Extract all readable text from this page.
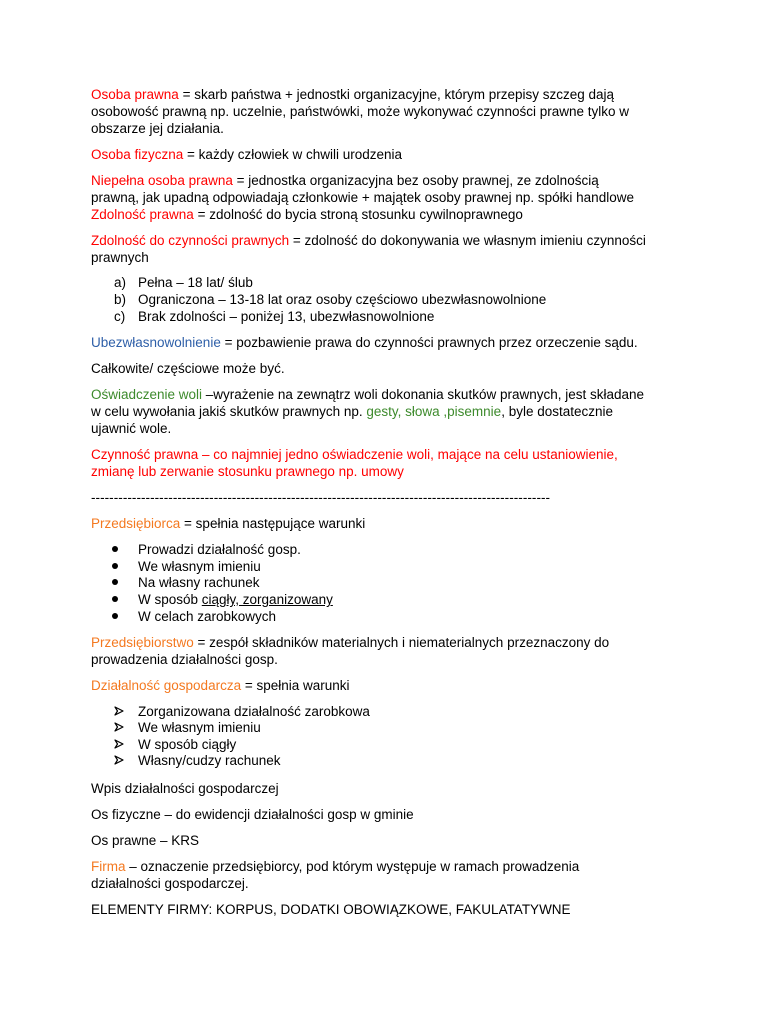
Osoba prawna = skarb państwa + jednostki organizacyjne, którym przepisy szczeg dają
osobowość prawną np. uczelnie, państwówki, może wykonywać czynności prawne tylko w
obszarze jej działania.
Osoba fizyczna = każdy człowiek w chwili urodzenia
Niepełna osoba prawna = jednostka organizacyjna bez osoby prawnej, ze zdolnością
prawną, jak upadną odpowiadają członkowie + majątek osoby prawnej np. spółki handlowe
Zdolność prawna = zdolność do bycia stroną stosunku cywilnoprawnego
Zdolność do czynności prawnych = zdolność do dokonywania we własnym imieniu czynności
prawnych
a) Pełna – 18 lat/ ślub
b) Ograniczona – 13-18 lat oraz osoby częściowo ubezwłasnowolnione
c) Brak zdolności – poniżej 13, ubezwłasnowolnione
Ubezwłasnowolnienie = pozbawienie prawa do czynności prawnych przez orzeczenie sądu.
Całkowite/ częściowe może być.
Oświadczenie woli –wyrażenie na zewnątrz woli dokonania skutków prawnych, jest składane
w celu wywołania jakiś skutków prawnych np. gesty, słowa ,pisemnie, byle dostatecznie
ujawnić wole.
Czynność prawna – co najmniej jedno oświadczenie woli, mające na celu ustaniowienie,
zmianę lub zerwanie stosunku prawnego np. umowy
-----------------------------------------------------------------------------------------------------
Przedsiębiorca = spełnia następujące warunki
Prowadzi działalność gosp.
We własnym imieniu
Na własny rachunek
W sposób ciągły, zorganizowany
W celach zarobkowych
Przedsiębiorstwo = zespół składników materialnych i niematerialnych przeznaczony do
prowadzenia działalności gosp.
Działalność gospodarcza = spełnia warunki
Zorganizowana działalność zarobkowa
We własnym imieniu
W sposób ciągły
Własny/cudzy rachunek
Wpis działalności gospodarczej
Os fizyczne – do ewidencji działalności gosp w gminie
Os prawne – KRS
Firma – oznaczenie przedsiębiorcy, pod którym występuje w ramach prowadzenia
działalności gospodarczej.
ELEMENTY FIRMY: KORPUS, DODATKI OBOWIĄZKOWE, FAKULATATYWNE
